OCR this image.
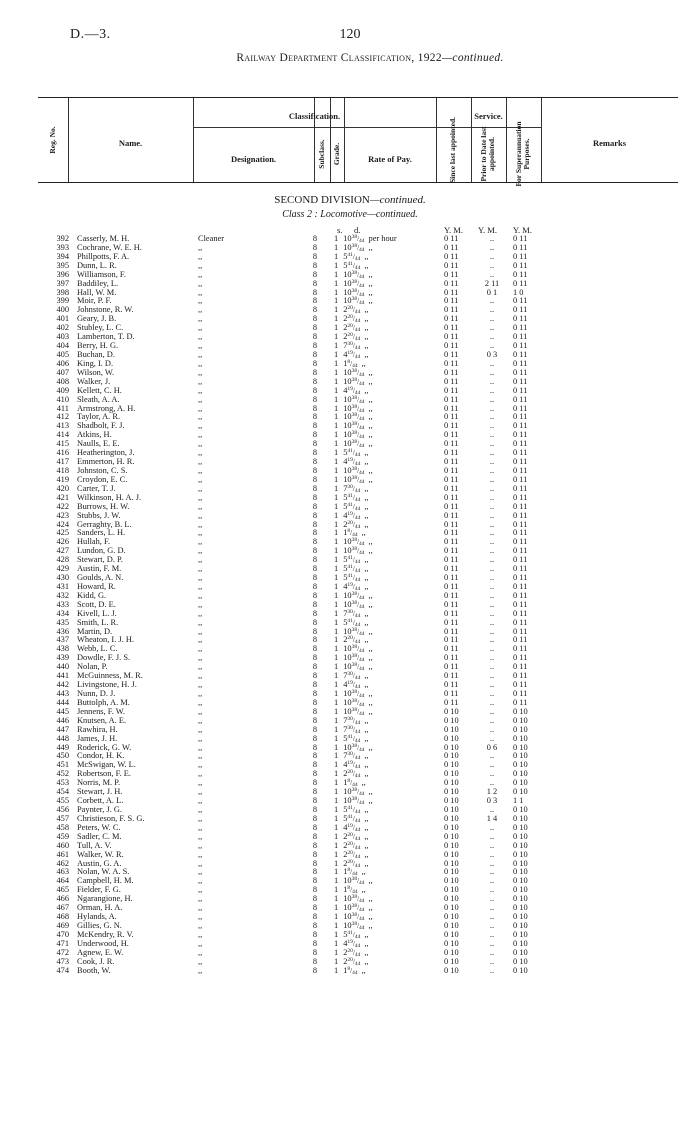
D.—3.	120
Railway Department Classification, 1922—continued.
Reg. No.	Name.
Classification.
Designation.	Subclass. Grade.	Rate of Pay.
Service.
Since last appointed.	Prior to Date last appointed. For Superannuation Purposes.	Remarks
SECOND DIVISION—continued.
Class 2 : Locomotive—continued.
s. d.	Y. M. Y. M. Y. M.
392 Casserly, M. H.	Cleaner	8	1 $10^{38}/_{44}$ per hour	0 11	..	0 11
393 Cochrane, W. E. H.	,,	8	1 $10^{38}/_{44}$ ,,	0 11	..	0 11
394 Phillpotts, F. A.	,,	8	1 $5^{41}/_{44}$ ,,	0 11	..	0 11
395 Dunn, L. R.	,,	8	1 $5^{41}/_{44}$ ,,	0 11	..	0 11
396 Williamson, F.	,,	8	1 $10^{38}/_{44}$ ,,	0 11	..	0 11
397 Baddiley, L.	,,	8	1 $10^{38}/_{44}$ ,,	0 11	2 11	0 11
398 Hall, W. M.	,,	8	1 $10^{38}/_{44}$ ,,	0 11	0 1	1 0
399 Moir, P. F.	,,	8	1 $10^{38}/_{44}$ ,,	0 11	..	0 11
400 Johnstone, R. W.	,,	8	1 $2^{20}/_{44}$ ,,	0 11	..	0 11
401 Geary, J. B.	,,	8	1 $2^{20}/_{44}$ ,,	0 11	..	0 11
402 Stubley, L. C.	,,	8	1 $2^{20}/_{44}$ ,,	0 11	..	0 11
403 Lamberton, T. D.	,,	8	1 $2^{20}/_{44}$ ,,	0 11	..	0 11
404 Berry, H. G.	,,	8	1 $7^{30}/_{44}$ ,,	0 11	..	0 11
405 Buchan, D.	,,	8	1 $4^{19}/_{44}$ ,,	0 11	0 3	0 11
406 King, I. D.	,,	8	1 $1^8/_{44}$ ,,	0 11	..	0 11
407 Wilson, W.	,,	8	1 $10^{38}/_{44}$ ,,	0 11	..	0 11
408 Walker, J.	,,	8	1 $10^{38}/_{44}$ ,,	0 11	..	0 11
409 Kellett, C. H.	,,	8	1 $4^{19}/_{44}$ ,,	0 11	..	0 11
410 Sleath, A. A.	,,	8	1 $10^{38}/_{44}$ ,,	0 11	..	0 11
411 Armstrong, A. H.	,,	8	1 $10^{38}/_{44}$ ,,	0 11	..	0 11
412 Taylor, A. R.	,,	8	1 $10^{38}/_{44}$ ,,	0 11	..	0 11
413 Shadbolt, F. J.	,,	8	1 $10^{38}/_{44}$ ,,	0 11	..	0 11
414 Atkins, H.	,,	8	1 $10^{38}/_{44}$ ,,	0 11	..	0 11
415 Naulls, E. E.	,,	8	1 $10^{38}/_{44}$ ,,	0 11	..	0 11
416 Heatherington, J.	,,	8	1 $5^{41}/_{44}$ ,,	0 11	..	0 11
417 Emmerton, H. R.	,,	8	1 $4^{19}/_{44}$ ,,	0 11	..	0 11
418 Johnston, C. S.	,,	8	1 $10^{38}/_{44}$ ,,	0 11	..	0 11
419 Croydon, E. C.	,,	8	1 $10^{38}/_{44}$ ,,	0 11	..	0 11
420 Carter, T. J.	,,	8	1 $7^{30}/_{44}$ ,,	0 11	..	0 11
421 Wilkinson, H. A. J.	,,	8	1 $5^{41}/_{44}$ ,,	0 11	..	0 11
422 Burrows, H. W.	,,	8	1 $5^{41}/_{44}$ ,,	0 11	..	0 11
423 Stubbs, J. W.	,,	8	1 $4^{19}/_{44}$ ,,	0 11	..	0 11
424 Gerraghty, B. L.	,,	8	1 $2^{20}/_{44}$ ,,	0 11	..	0 11
425 Sanders, L. H.	,,	8	1 $1^8/_{44}$ ,,	0 11	..	0 11
426 Hullah, F.	,,	8	1 $10^{38}/_{44}$ ,,	0 11	..	0 11
427 Lundon, G. D.	,,	8	1 $10^{38}/_{44}$ ,,	0 11	..	0 11
428 Stewart, D. P.	,,	8	1 $5^{41}/_{44}$ ,,	0 11	..	0 11
429 Austin, F. M.	,,	8	1 $5^{41}/_{44}$ ,,	0 11	..	0 11
430 Goulds, A. N.	,,	8	1 $5^{41}/_{44}$ ,,	0 11	..	0 11
431 Howard, R.	,,	8	1 $4^{19}/_{44}$ ,,	0 11	..	0 11
432 Kidd, G.	,,	8	1 $10^{38}/_{44}$ ,,	0 11	..	0 11
433 Scott, D. E.	,,	8	1 $10^{38}/_{44}$ ,,	0 11	..	0 11
434 Kivell, L. J.	,,	8	1 $7^{30}/_{44}$ ,,	0 11	..	0 11
435 Smith, L. R.	,,	8	1 $5^{41}/_{44}$ ,,	0 11	..	0 11
436 Martin, D.	,,	8	1 $10^{38}/_{44}$ ,,	0 11	..	0 11
437 Wheaton, I. J. H.	,,	8	1 $2^{20}/_{44}$ ,,	0 11	..	0 11
438 Webb, L. C.	,,	8	1 $10^{38}/_{44}$ ,,	0 11	..	0 11
439 Dowdle, F. J. S.	,,	8	1 $10^{38}/_{44}$ ,,	0 11	..	0 11
440 Nolan, P.	,,	8	1 $10^{38}/_{44}$ ,,	0 11	..	0 11
441 McGuinness, M. R.	,,	8	1 $7^{30}/_{44}$ ,,	0 11	..	0 11
442 Livingstone, H. J.	,,	8	1 $4^{19}/_{44}$ ,,	0 11	..	0 11
443 Nunn, D. J.	,,	8	1 $10^{38}/_{44}$ ,,	0 11	..	0 11
444 Buttolph, A. M.	,,	8	1 $10^{38}/_{44}$ ,,	0 11	..	0 11
445 Jennens, F. W.	,,	8	1 $10^{38}/_{44}$ ,,	0 10	..	0 10
446 Knutsen, A. E.	,,	8	1 $7^{30}/_{44}$ ,,	0 10	..	0 10
447 Rawhira, H.	,,	8	1 $7^{30}/_{44}$ ,,	0 10	..	0 10
448 James, J. H.	,,	8	1 $5^{41}/_{44}$ ,,	0 10	..	0 10
449 Roderick, G. W.	,,	8	1 $10^{38}/_{44}$ ,,	0 10	0 6	0 10
450 Condor, H. K.	,,	8	1 $7^{30}/_{44}$ ,,	0 10	..	0 10
451 McSwigan, W. L.	,,	8	1 $4^{19}/_{44}$ ,,	0 10	..	0 10
452 Robertson, F. E.	,,	8	1 $2^{20}/_{44}$ ,,	0 10	..	0 10
453 Norris, M. P.	,,	8	1 $1^8/_{44}$ ,,	0 10	..	0 10
454 Stewart, J. H.	,,	8	1 $10^{38}/_{44}$ ,,	0 10	1 2	0 10
455 Corbett, A. L.	,,	8	1 $10^{38}/_{44}$ ,,	0 10	0 3	1 1
456 Paynter, J. G.	,,	8	1 $5^{41}/_{44}$ ,,	0 10	..	0 10
457 Christieson, F. S. G.	,,	8	1 $5^{41}/_{44}$ ,,	0 10	1 4	0 10
458 Peters, W. C.	,,	8	1 $4^{19}/_{44}$ ,,	0 10	..	0 10
459 Sadler, C. M.	,,	8	1 $2^{20}/_{44}$ ,,	0 10	..	0 10
460 Tull, A. V.	,,	8	1 $2^{20}/_{44}$ ,,	0 10	..	0 10
461 Walker, W. R.	,,	8	1 $2^{20}/_{44}$ ,,	0 10	..	0 10
462 Austin, G. A.	,,	8	1 $2^{20}/_{44}$ ,,	0 10	..	0 10
463 Nolan, W. A. S.	,,	8	1 $1^8/_{44}$ ,,	0 10	..	0 10
464 Campbell, H. M.	,,	8	1 $10^{38}/_{44}$ ,,	0 10	..	0 10
465 Fielder, F. G.	,,	8	1 $1^8/_{44}$ ,,	0 10	..	0 10
466 Ngarangione, H.	,,	8	1 $10^{38}/_{44}$ ,,	0 10	..	0 10
467 Orman, H. A.	,,	8	1 $10^{38}/_{44}$ ,,	0 10	..	0 10
468 Hylands, A.	,,	8	1 $10^{38}/_{44}$ ,,	0 10	..	0 10
469 Gillies, G. N.	,,	8	1 $10^{38}/_{44}$ ,,	0 10	..	0 10
470 McKendry, R. V.	,,	8	1 $5^{41}/_{44}$ ,,	0 10	..	0 10
471 Underwood, H.	,,	8	1 $4^{19}/_{44}$ ,,	0 10	..	0 10
472 Agnew, E. W.	,,	8	1 $2^{20}/_{44}$ ,,	0 10	..	0 10
473 Cook, J. R.	,,	8	1 $2^{20}/_{44}$ ,,	0 10	..	0 10
474 Booth, W.	,,	8	1 $1^8/_{44}$ ,,	0 10	..	0 10
